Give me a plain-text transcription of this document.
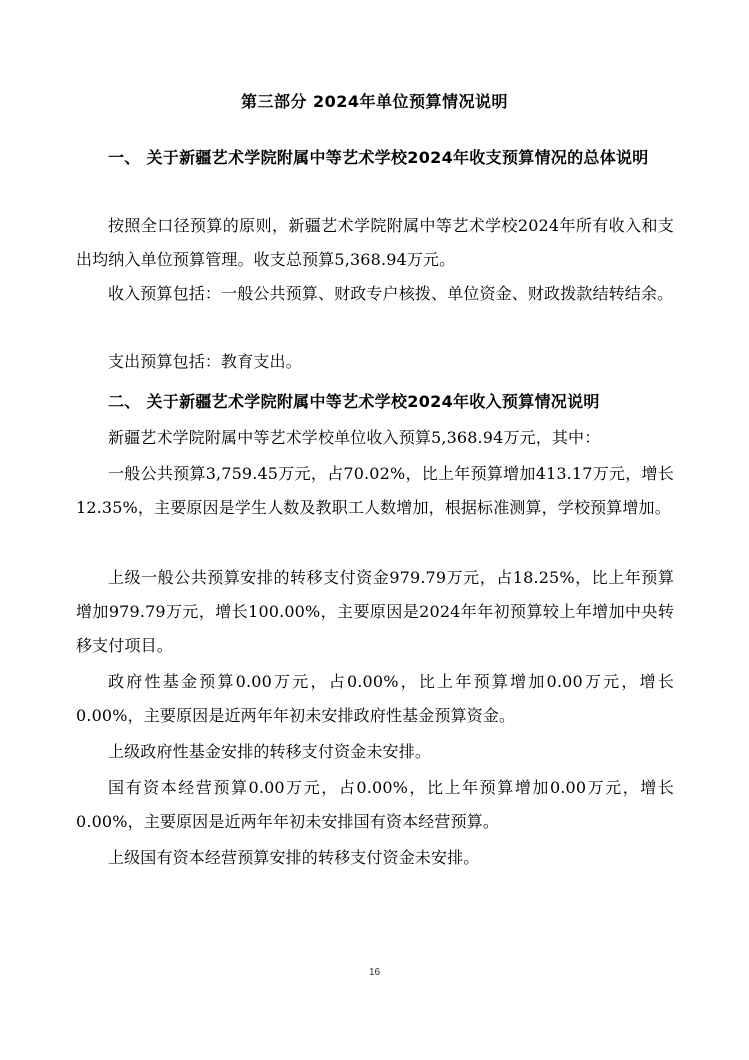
第三部分 2024年单位预算情况说明
一、 关于新疆艺术学院附属中等艺术学校2024年收支预算情况的总体说明
按照全口径预算的原则，新疆艺术学院附属中等艺术学校2024年所有收入和支出均纳入单位预算管理。收支总预算5,368.94万元。
收入预算包括：一般公共预算、财政专户核拨、单位资金、财政拨款结转结余。
支出预算包括：教育支出。
二、 关于新疆艺术学院附属中等艺术学校2024年收入预算情况说明
新疆艺术学院附属中等艺术学校单位收入预算5,368.94万元，其中：
一般公共预算3,759.45万元，占70.02%，比上年预算增加413.17万元，增长12.35%，主要原因是学生人数及教职工人数增加，根据标准测算，学校预算增加。
上级一般公共预算安排的转移支付资金979.79万元，占18.25%，比上年预算增加979.79万元，增长100.00%，主要原因是2024年年初预算较上年增加中央转移支付项目。
政府性基金预算0.00万元，占0.00%，比上年预算增加0.00万元，增长0.00%，主要原因是近两年年初未安排政府性基金预算资金。
上级政府性基金安排的转移支付资金未安排。
国有资本经营预算0.00万元，占0.00%，比上年预算增加0.00万元，增长0.00%，主要原因是近两年年初未安排国有资本经营预算。
上级国有资本经营预算安排的转移支付资金未安排。
16
